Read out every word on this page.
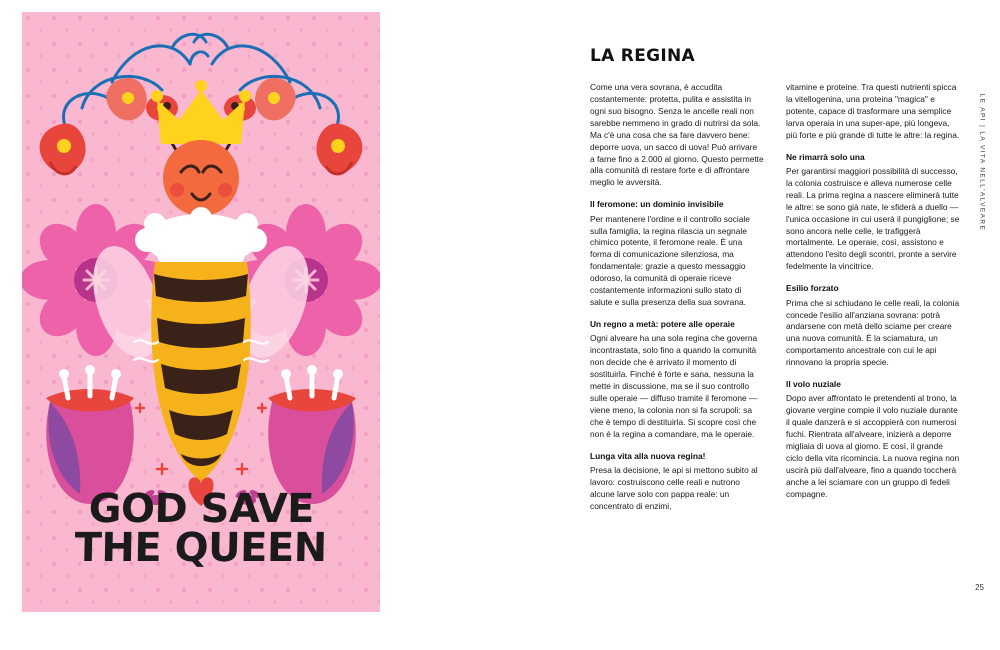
GOD SAVE
THE QUEEN
LA REGINA

Come una vera sovrana, è accudita costantemente: protetta, pulita e assistita in ogni suo bisogno. Senza le ancelle reali non sarebbe nemmeno in grado di nutrirsi da sola. Ma c'è una cosa che sa fare davvero bene: deporre uova, un sacco di uova! Può arrivare a farne fino a 2.000 al giorno. Questo permette alla comunità di restare forte e di affrontare meglio le avversità.

Il feromone: un dominio invisibile

Per mantenere l'ordine e il controllo sociale sulla famiglia, la regina rilascia un segnale chimico potente, il feromone reale. È una forma di comunicazione silenziosa, ma fondamentale: grazie a questo messaggio odoroso, la comunità di operaie riceve costantemente informazioni sullo stato di salute e sulla presenza della sua sovrana.

Un regno a metà: potere alle operaie

Ogni alveare ha una sola regina che governa incontrastata, solo fino a quando la comunità non decide che è arrivato il momento di sostituirla. Finché è forte e sana, nessuna la mette in discussione, ma se il suo controllo sulle operaie — diffuso tramite il feromone — viene meno, la colonia non si fa scrupoli: sa che è tempo di destituirla. Si scopre così che non è la regina a comandare, ma le operaie.

Lunga vita alla nuova regina!

Presa la decisione, le api si mettono subito al lavoro: costruiscono celle reali e nutrono alcune larve solo con pappa reale: un concentrato di enzimi,

vitamine e proteine. Tra questi nutrienti spicca la vitellogenina, una proteina "magica" e potente, capace di trasformare una semplice larva operaia in una super-ape, più longeva, più forte e più grande di tutte le altre: la regina.

Ne rimarrà solo una

Per garantirsi maggiori possibilità di successo, la colonia costruisce e alleva numerose celle reali. La prima regina a nascere eliminerà tutte le altre: se sono già nate, le sfiderà a duello — l'unica occasione in cui userà il pungiglione; se sono ancora nelle celle, le trafiggerà mortalmente. Le operaie, così, assistono e attendono l'esito degli scontri, pronte a servire fedelmente la vincitrice.

Esilio forzato

Prima che si schiudano le celle reali, la colonia concede l'esilio all'anziana sovrana: potrà andarsene con metà dello sciame per creare una nuova comunità. È la sciamatura, un comportamento ancestrale con cui le api rinnovano la propria specie.

Il volo nuziale

Dopo aver affrontato le pretendenti al trono, la giovane vergine compie il volo nuziale durante il quale danzerà e si accoppierà con numerosi fuchi. Rientrata all'alveare, inizierà a deporre migliaia di uova al giorno. E così, il grande ciclo della vita ricomincia. La nuova regina non uscirà più dall'alveare, fino a quando toccherà anche a lei sciamare con un gruppo di fedeli compagne.

LE API | LA VITA NELL'ALVEARE
25
